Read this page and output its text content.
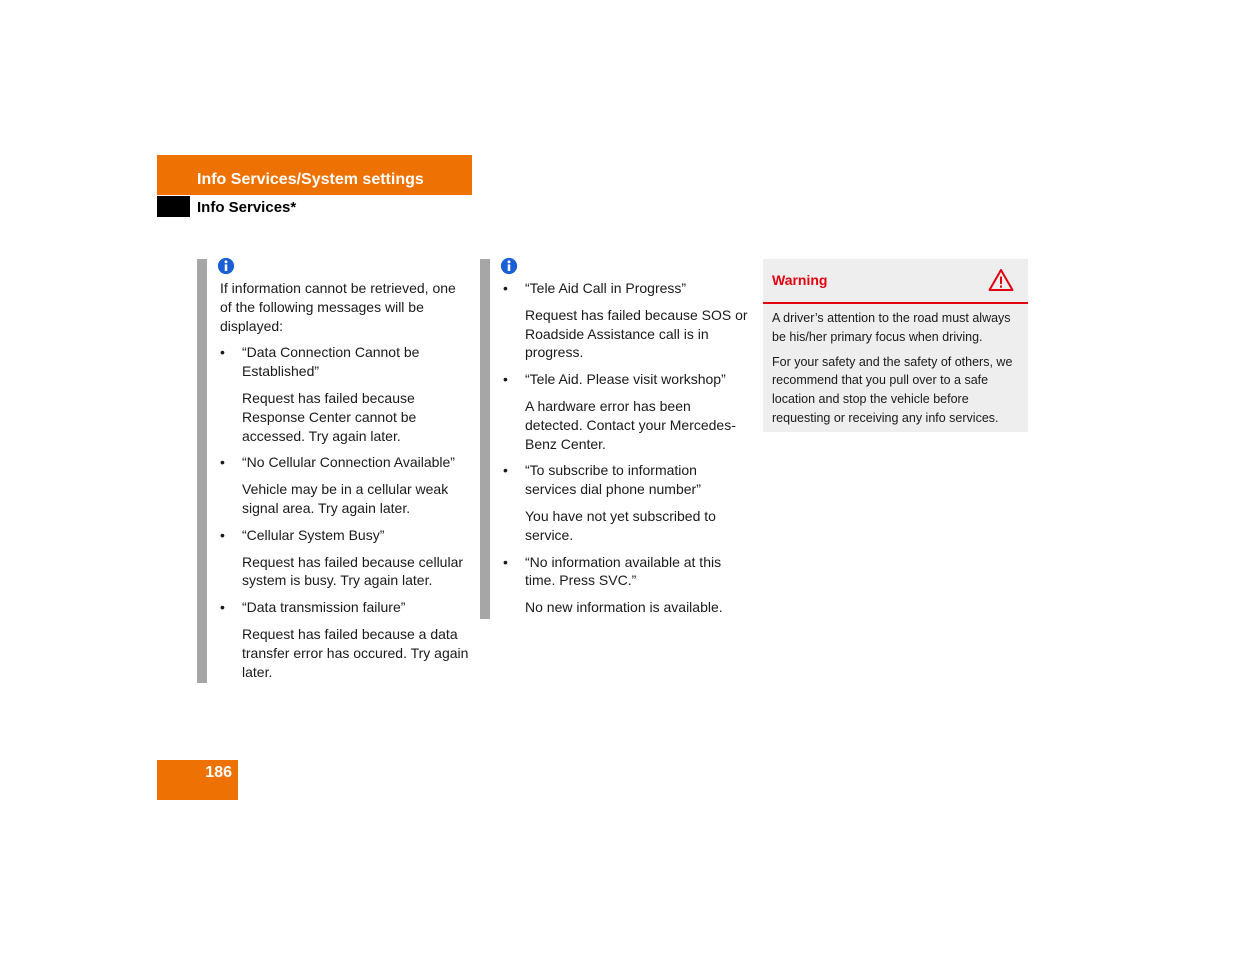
Info Services/System settings
Info Services*

If information cannot be retrieved, one of the following messages will be displayed:

• “Data Connection Cannot be Established”
Request has failed because Response Center cannot be accessed. Try again later.
• “No Cellular Connection Available”
Vehicle may be in a cellular weak signal area. Try again later.
• “Cellular System Busy”
Request has failed because cellular system is busy. Try again later.
• “Data transmission failure”
Request has failed because a data transfer error has occured. Try again later.
• “Tele Aid Call in Progress”
Request has failed because SOS or Roadside Assistance call is in progress.
• “Tele Aid. Please visit workshop”
A hardware error has been detected. Contact your Mercedes-Benz Center.
• “To subscribe to information services dial phone number”
You have not yet subscribed to service.
• “No information available at this time. Press SVC.”
No new information is available.
Warning

A driver’s attention to the road must always be his/her primary focus when driving.

For your safety and the safety of others, we recommend that you pull over to a safe location and stop the vehicle before requesting or receiving any info services.

186
